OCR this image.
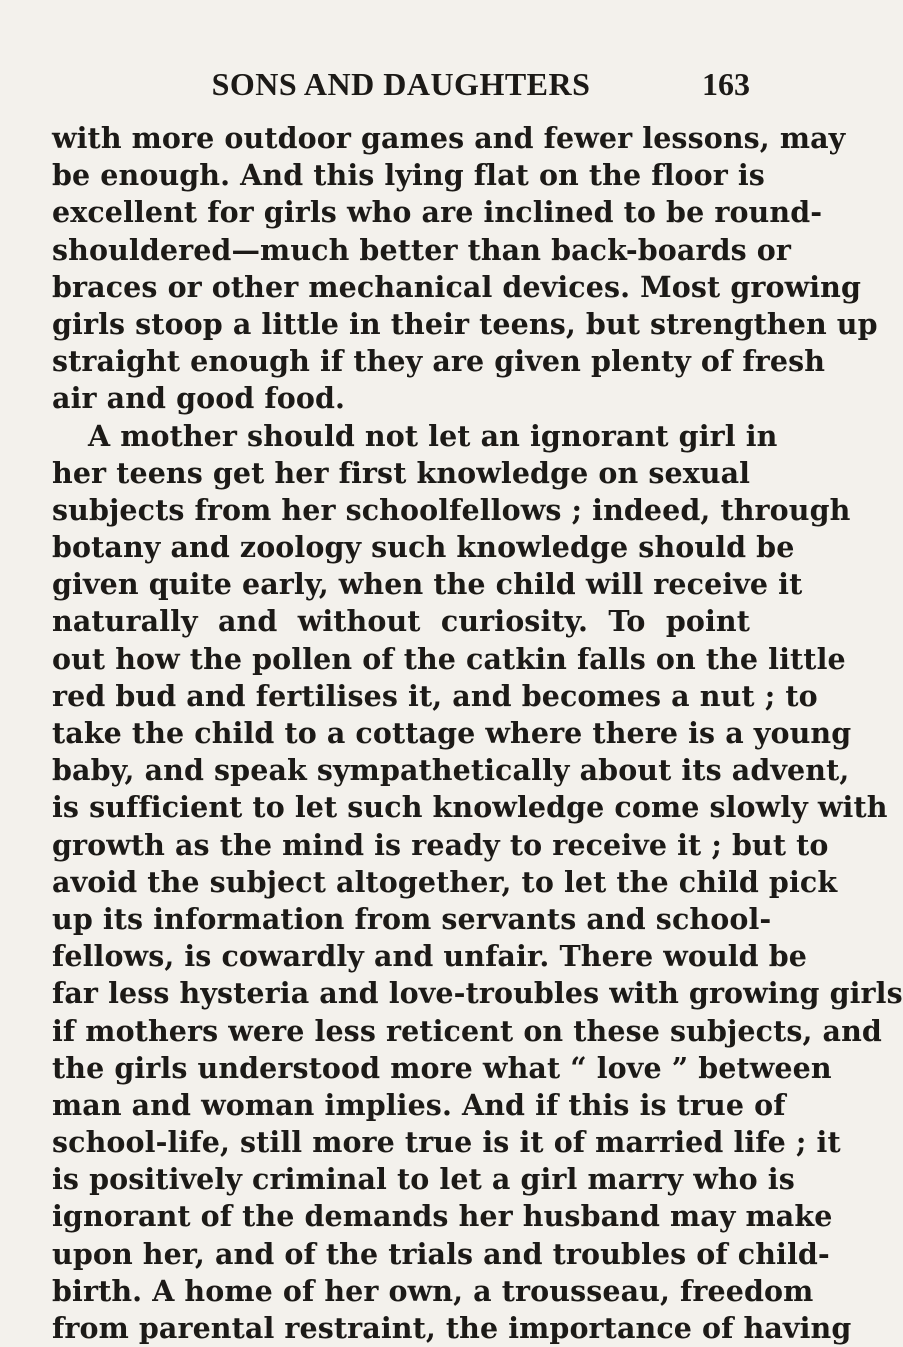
SONS AND DAUGHTERS	163
with more outdoor games and fewer lessons, may
be enough. And this lying flat on the floor is
excellent for girls who are inclined to be round-
shouldered—much better than back-boards or
braces or other mechanical devices. Most growing
girls stoop a little in their teens, but strengthen up
straight enough if they are given plenty of fresh
air and good food.
A mother should not let an ignorant girl in
her teens get her first knowledge on sexual
subjects from her schoolfellows ; indeed, through
botany and zoology such knowledge should be
given quite early, when the child will receive it
naturally and without curiosity. To point
out how the pollen of the catkin falls on the little
red bud and fertilises it, and becomes a nut ; to
take the child to a cottage where there is a young
baby, and speak sympathetically about its advent,
is sufficient to let such knowledge come slowly with
growth as the mind is ready to receive it ; but to
avoid the subject altogether, to let the child pick
up its information from servants and school-
fellows, is cowardly and unfair. There would be
far less hysteria and love-troubles with growing girls
if mothers were less reticent on these subjects, and
the girls understood more what “ love ” between
man and woman implies. And if this is true of
school-life, still more true is it of married life ; it
is positively criminal to let a girl marry who is
ignorant of the demands her husband may make
upon her, and of the trials and troubles of child-
birth. A home of her own, a trousseau, freedom
from parental restraint, the importance of having
